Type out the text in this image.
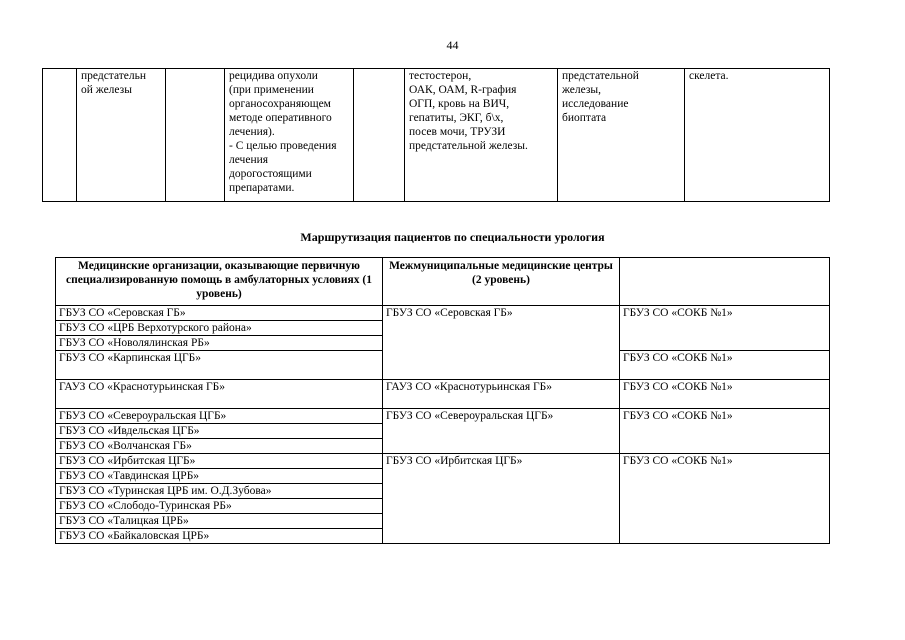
44
	предстательн
ой железы		рецидива опухоли
(при применении
органосохраняющем
методе оперативного
лечения).
- С целью проведения
лечения
дорогостоящими
препаратами.		тестостерон,
ОАК, ОАМ, R-графия
ОГП, кровь на ВИЧ,
гепатиты, ЭКГ, б\х,
посев мочи, ТРУЗИ
предстательной железы.	предстательной
железы,
исследование
биоптата	скелета.
Маршрутизация пациентов по специальности урология
Медицинские организации, оказывающие первичную специализированную помощь в амбулаторных условиях (1 уровень)	Межмуниципальные медицинские центры (2 уровень)	
ГБУЗ СО «Серовская ГБ»	ГБУЗ СО «Серовская ГБ»	ГБУЗ СО «СОКБ №1»
ГБУЗ СО «ЦРБ Верхотурского района»		
ГБУЗ СО «Новолялинская РБ»		
ГБУЗ СО «Карпинская ЦГБ»		ГБУЗ СО «СОКБ №1»
ГАУЗ СО «Краснотурьинская ГБ»	ГАУЗ СО «Краснотурьинская ГБ»	ГБУЗ СО «СОКБ №1»
ГБУЗ СО «Североуральская ЦГБ»	ГБУЗ СО «Североуральская ЦГБ»	ГБУЗ СО «СОКБ №1»
ГБУЗ СО «Ивдельская ЦГБ»		
ГБУЗ СО «Волчанская ГБ»		
ГБУЗ СО «Ирбитская ЦГБ»	ГБУЗ СО «Ирбитская ЦГБ»	ГБУЗ СО «СОКБ №1»
ГБУЗ СО «Тавдинская ЦРБ»		
ГБУЗ СО «Туринская ЦРБ им. О.Д.Зубова»		
ГБУЗ СО «Слободо-Туринская РБ»		
ГБУЗ СО «Талицкая ЦРБ»		
ГБУЗ СО «Байкаловская ЦРБ»		
